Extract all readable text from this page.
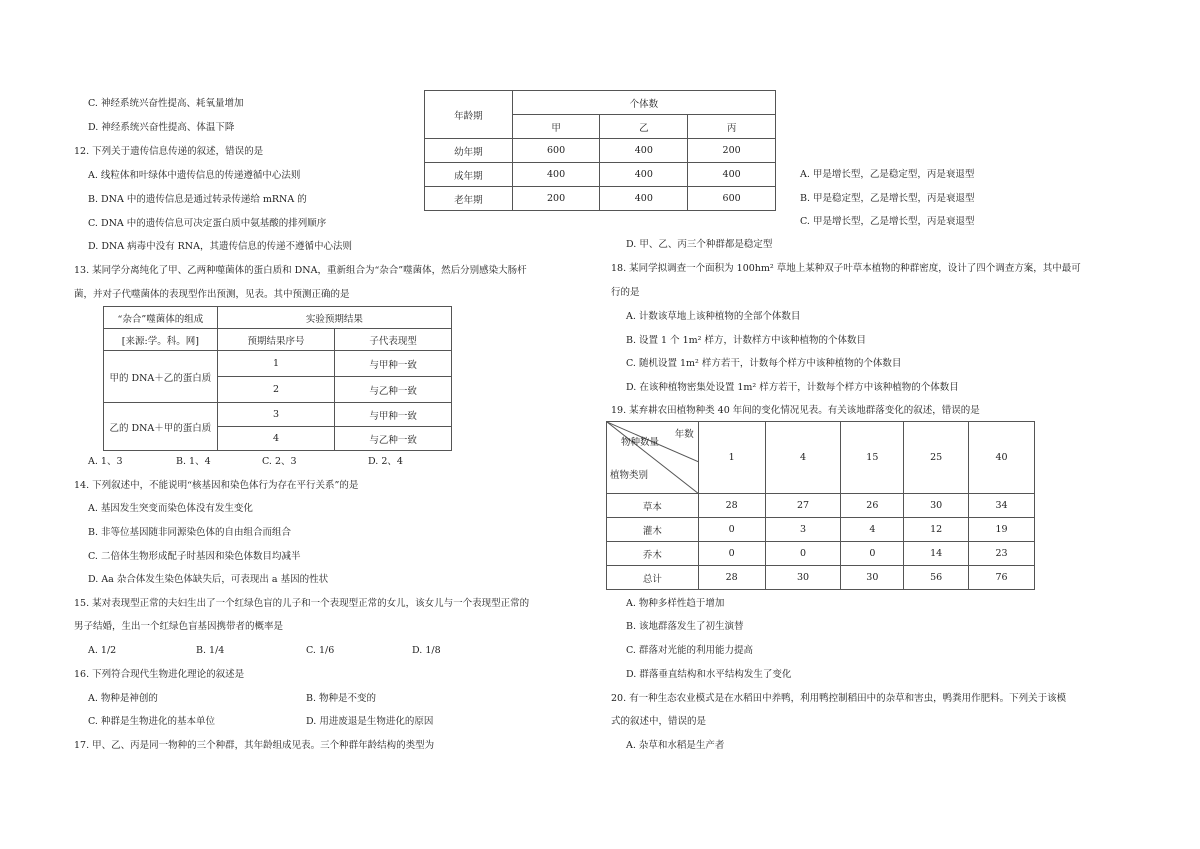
C. 神经系统兴奋性提高、耗氧量增加
D. 神经系统兴奋性提高、体温下降
12. 下列关于遗传信息传递的叙述，错误的是
A. 线粒体和叶绿体中遗传信息的传递遵循中心法则
B. DNA 中的遗传信息是通过转录传递给 mRNA 的
C. DNA 中的遗传信息可决定蛋白质中氨基酸的排列顺序
D. DNA 病毒中没有 RNA，其遗传信息的传递不遵循中心法则
13. 某同学分离纯化了甲、乙两种噬菌体的蛋白质和 DNA，重新组合为“杂合”噬菌体，然后分别感染大肠杆
菌，并对子代噬菌体的表现型作出预测，见表。其中预测正确的是
“杂合”噬菌体的组成	实验预期结果	
[来源:学。科。网]	预期结果序号	子代表现型
甲的 DNA＋乙的蛋白质	1	与甲种一致
	2	与乙种一致
乙的 DNA＋甲的蛋白质	3	与甲种一致
	4	与乙种一致
A. 1、3	B. 1、4	C. 2、3	D. 2、4
14. 下列叙述中，不能说明“核基因和染色体行为存在平行关系”的是
A. 基因发生突变而染色体没有发生变化
B. 非等位基因随非同源染色体的自由组合而组合
C. 二倍体生物形成配子时基因和染色体数目均减半
D. Aa 杂合体发生染色体缺失后，可表现出 a 基因的性状
15. 某对表现型正常的夫妇生出了一个红绿色盲的儿子和一个表现型正常的女儿，该女儿与一个表现型正常的
男子结婚，生出一个红绿色盲基因携带者的概率是
A. 1/2	B. 1/4	C. 1/6	D. 1/8
16. 下列符合现代生物进化理论的叙述是
A. 物种是神创的	B. 物种是不变的
C. 种群是生物进化的基本单位	D. 用进废退是生物进化的原因
17. 甲、乙、丙是同一物种的三个种群，其年龄组成见表。三个种群年龄结构的类型为
年龄期	个体数		
	甲	乙	丙
幼年期	600	400	200
成年期	400	400	400
老年期	200	400	600
A. 甲是增长型，乙是稳定型，丙是衰退型
B. 甲是稳定型，乙是增长型，丙是衰退型
C. 甲是增长型，乙是增长型，丙是衰退型
D. 甲、乙、丙三个种群都是稳定型
18. 某同学拟调查一个面积为 100hm² 草地上某种双子叶草本植物的种群密度，设计了四个调查方案，其中最可
行的是
A. 计数该草地上该种植物的全部个体数目
B. 设置 1 个 1m² 样方，计数样方中该种植物的个体数目
C. 随机设置 1m² 样方若干，计数每个样方中该种植物的个体数目
D. 在该种植物密集处设置 1m² 样方若干，计数每个样方中该种植物的个体数目
19. 某弃耕农田植物种类 40 年间的变化情况见表。有关该地群落变化的叙述，错误的是
年数
物种数量
植物类别	1	4	15	25	40
草本	28	27	26	30	34
灌木	0	3	4	12	19
乔木	0	0	0	14	23
总计	28	30	30	56	76
A. 物种多样性趋于增加
B. 该地群落发生了初生演替
C. 群落对光能的利用能力提高
D. 群落垂直结构和水平结构发生了变化
20. 有一种生态农业模式是在水稻田中养鸭，利用鸭控制稻田中的杂草和害虫，鸭粪用作肥料。下列关于该模
式的叙述中，错误的是
A. 杂草和水稻是生产者
